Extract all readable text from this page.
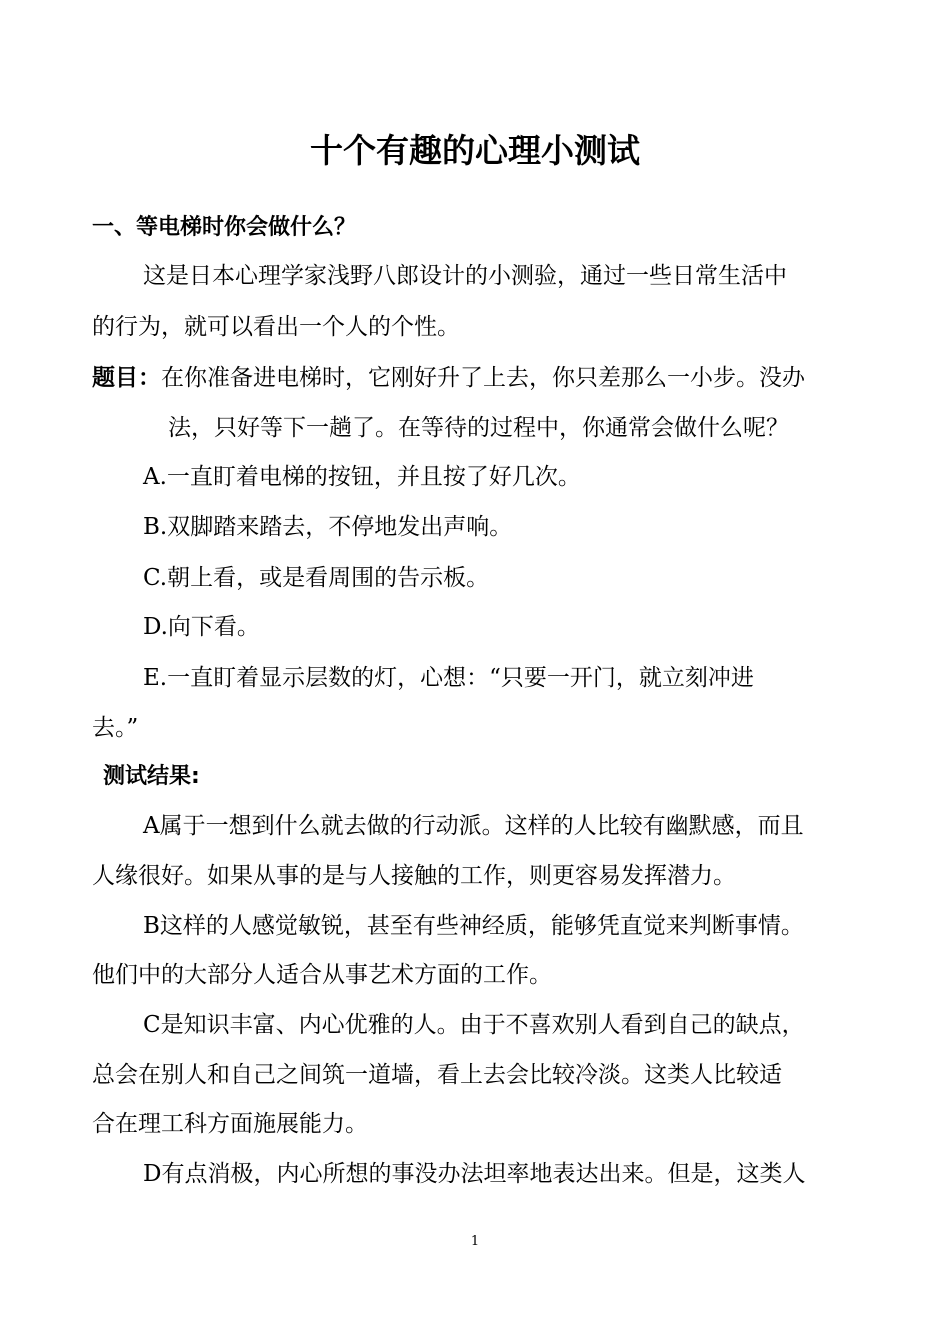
十个有趣的心理小测试
一、等电梯时你会做什么？
这是日本心理学家浅野八郎设计的小测验，通过一些日常生活中
的行为，就可以看出一个人的个性。
题目：在你准备进电梯时，它刚好升了上去，你只差那么一小步。没办
法，只好等下一趟了。在等待的过程中，你通常会做什么呢？
A.一直盯着电梯的按钮，并且按了好几次。
B.双脚踏来踏去，不停地发出声响。
C.朝上看，或是看周围的告示板。
D.向下看。
E.一直盯着显示层数的灯，心想：“只要一开门，就立刻冲进
去。”
测试结果:
A属于一想到什么就去做的行动派。这样的人比较有幽默感，而且
人缘很好。如果从事的是与人接触的工作，则更容易发挥潜力。
B这样的人感觉敏锐，甚至有些神经质，能够凭直觉来判断事情。
他们中的大部分人适合从事艺术方面的工作。
C是知识丰富、内心优雅的人。由于不喜欢别人看到自己的缺点，
总会在别人和自己之间筑一道墙，看上去会比较冷淡。这类人比较适
合在理工科方面施展能力。
D有点消极，内心所想的事没办法坦率地表达出来。但是，这类人
1
